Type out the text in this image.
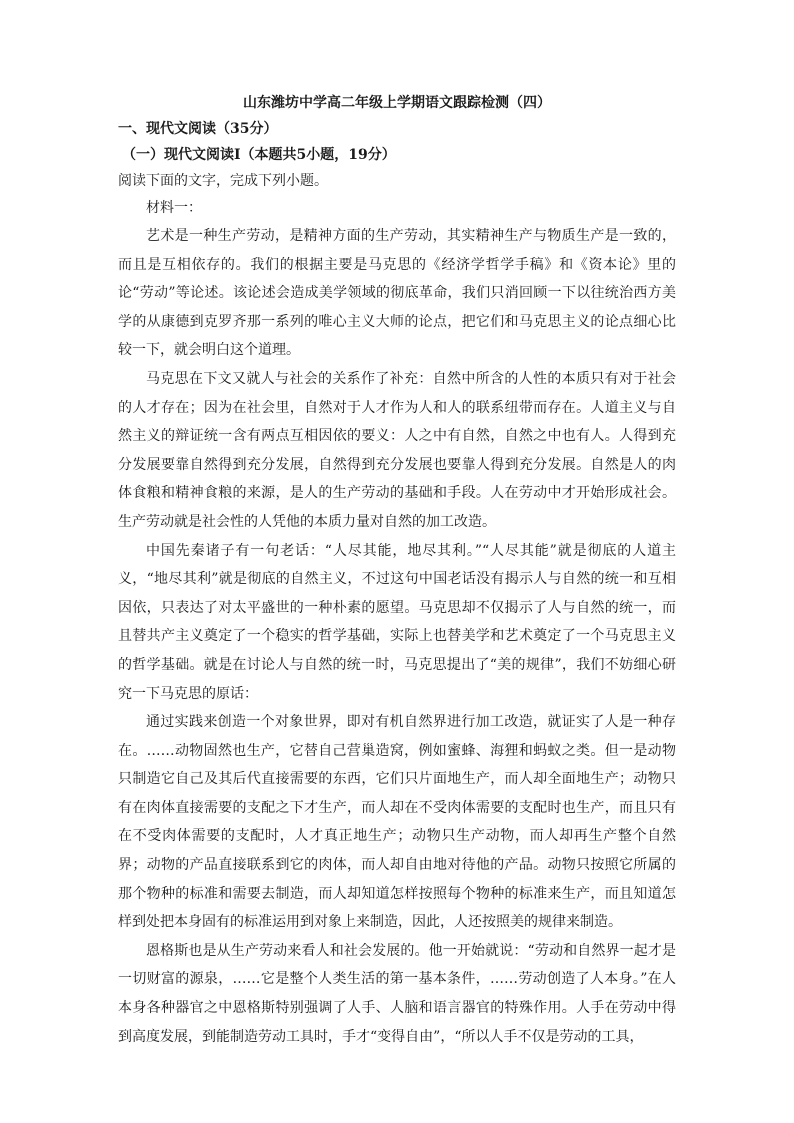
山东潍坊中学高二年级上学期语文跟踪检测（四）
一、现代文阅读（35分）
（一）现代文阅读Ⅰ（本题共5小题，19分）
阅读下面的文字，完成下列小题。
材料一：

艺术是一种生产劳动，是精神方面的生产劳动，其实精神生产与物质生产是一致的，而且是互相依存的。我们的根据主要是马克思的《经济学哲学手稿》和《资本论》里的论“劳动”等论述。该论述会造成美学领域的彻底革命，我们只消回顾一下以往统治西方美学的从康德到克罗齐那一系列的唯心主义大师的论点，把它们和马克思主义的论点细心比较一下，就会明白这个道理。

马克思在下文又就人与社会的关系作了补充：自然中所含的人性的本质只有对于社会的人才存在；因为在社会里，自然对于人才作为人和人的联系纽带而存在。人道主义与自然主义的辩证统一含有两点互相因依的要义：人之中有自然，自然之中也有人。人得到充分发展要靠自然得到充分发展，自然得到充分发展也要靠人得到充分发展。自然是人的肉体食粮和精神食粮的来源，是人的生产劳动的基础和手段。人在劳动中才开始形成社会。生产劳动就是社会性的人凭他的本质力量对自然的加工改造。

中国先秦诸子有一句老话：“人尽其能，地尽其利。”“人尽其能”就是彻底的人道主义，“地尽其利”就是彻底的自然主义，不过这句中国老话没有揭示人与自然的统一和互相因依，只表达了对太平盛世的一种朴素的愿望。马克思却不仅揭示了人与自然的统一，而且替共产主义奠定了一个稳实的哲学基础，实际上也替美学和艺术奠定了一个马克思主义的哲学基础。就是在讨论人与自然的统一时，马克思提出了“美的规律”，我们不妨细心研究一下马克思的原话：

通过实践来创造一个对象世界，即对有机自然界进行加工改造，就证实了人是一种存在。……动物固然也生产，它替自己营巢造窝，例如蜜蜂、海狸和蚂蚁之类。但一是动物只制造它自己及其后代直接需要的东西，它们只片面地生产，而人却全面地生产；动物只有在肉体直接需要的支配之下才生产，而人却在不受肉体需要的支配时也生产，而且只有在不受肉体需要的支配时，人才真正地生产；动物只生产动物，而人却再生产整个自然界；动物的产品直接联系到它的肉体，而人却自由地对待他的产品。动物只按照它所属的那个物种的标准和需要去制造，而人却知道怎样按照每个物种的标准来生产，而且知道怎样到处把本身固有的标准运用到对象上来制造，因此，人还按照美的规律来制造。

恩格斯也是从生产劳动来看人和社会发展的。他一开始就说：“劳动和自然界一起才是一切财富的源泉，……它是整个人类生活的第一基本条件，……劳动创造了人本身。”在人本身各种器官之中恩格斯特别强调了人手、人脑和语言器官的特殊作用。人手在劳动中得到高度发展，到能制造劳动工具时，手才“变得自由”，“所以人手不仅是劳动的工具，
